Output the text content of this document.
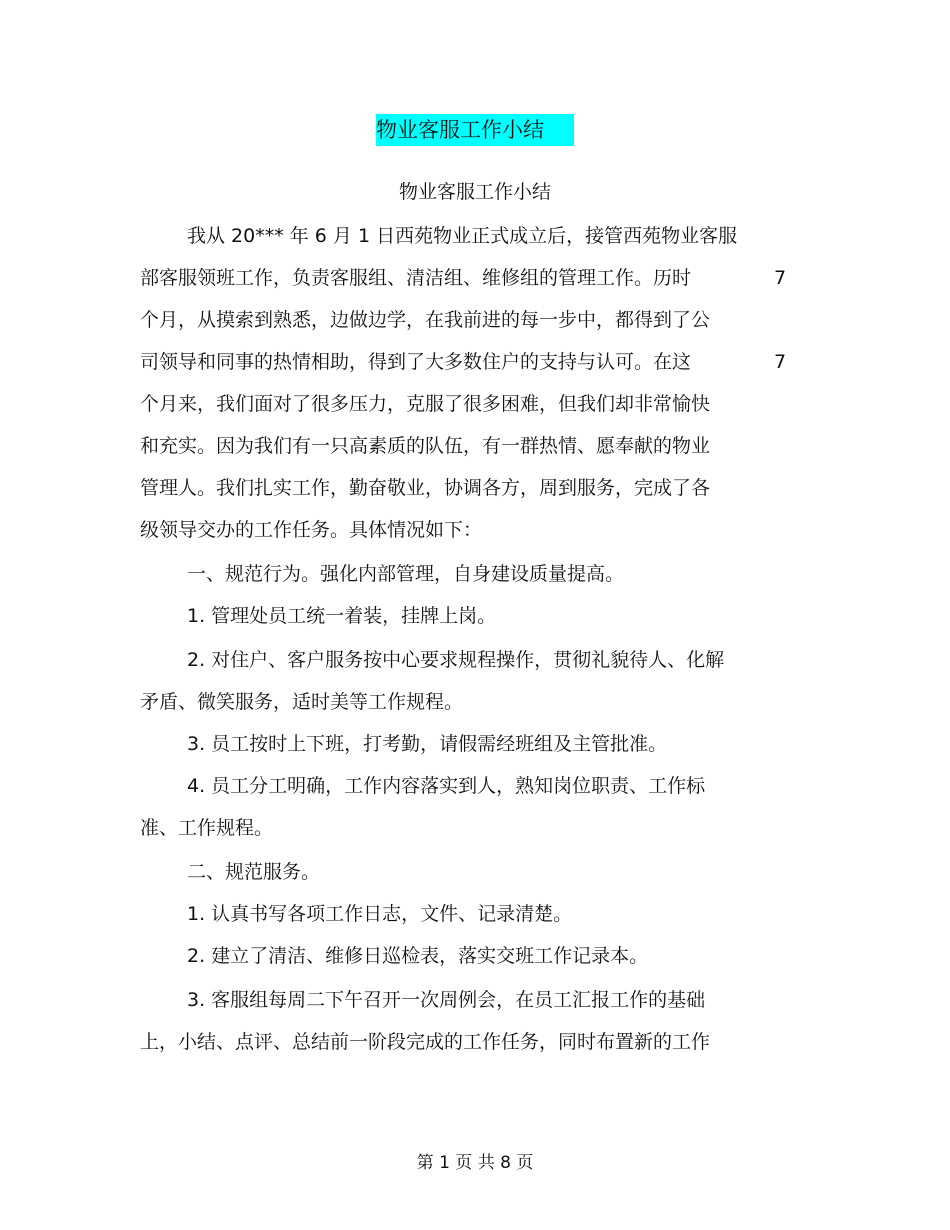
物业客服工作小结
物业客服工作小结
我从 20*** 年 6 月 1 日西苑物业正式成立后，接管西苑物业客服
部客服领班工作，负责客服组、清洁组、维修组的管理工作。历时	7
个月，从摸索到熟悉，边做边学，在我前进的每一步中，都得到了公
司领导和同事的热情相助，得到了大多数住户的支持与认可。在这	7
个月来，我们面对了很多压力，克服了很多困难，但我们却非常愉快
和充实。因为我们有一只高素质的队伍，有一群热情、愿奉献的物业
管理人。我们扎实工作，勤奋敬业，协调各方，周到服务，完成了各
级领导交办的工作任务。具体情况如下：
一、规范行为。强化内部管理，自身建设质量提高。
1. 管理处员工统一着装，挂牌上岗。
2. 对住户、客户服务按中心要求规程操作，贯彻礼貌待人、化解
矛盾、微笑服务，适时美等工作规程。
3. 员工按时上下班，打考勤，请假需经班组及主管批准。
4. 员工分工明确，工作内容落实到人，熟知岗位职责、工作标
准、工作规程。
二、规范服务。
1. 认真书写各项工作日志，文件、记录清楚。
2. 建立了清洁、维修日巡检表，落实交班工作记录本。
3. 客服组每周二下午召开一次周例会，在员工汇报工作的基础
上，小结、点评、总结前一阶段完成的工作任务，同时布置新的工作
第 1 页 共 8 页
